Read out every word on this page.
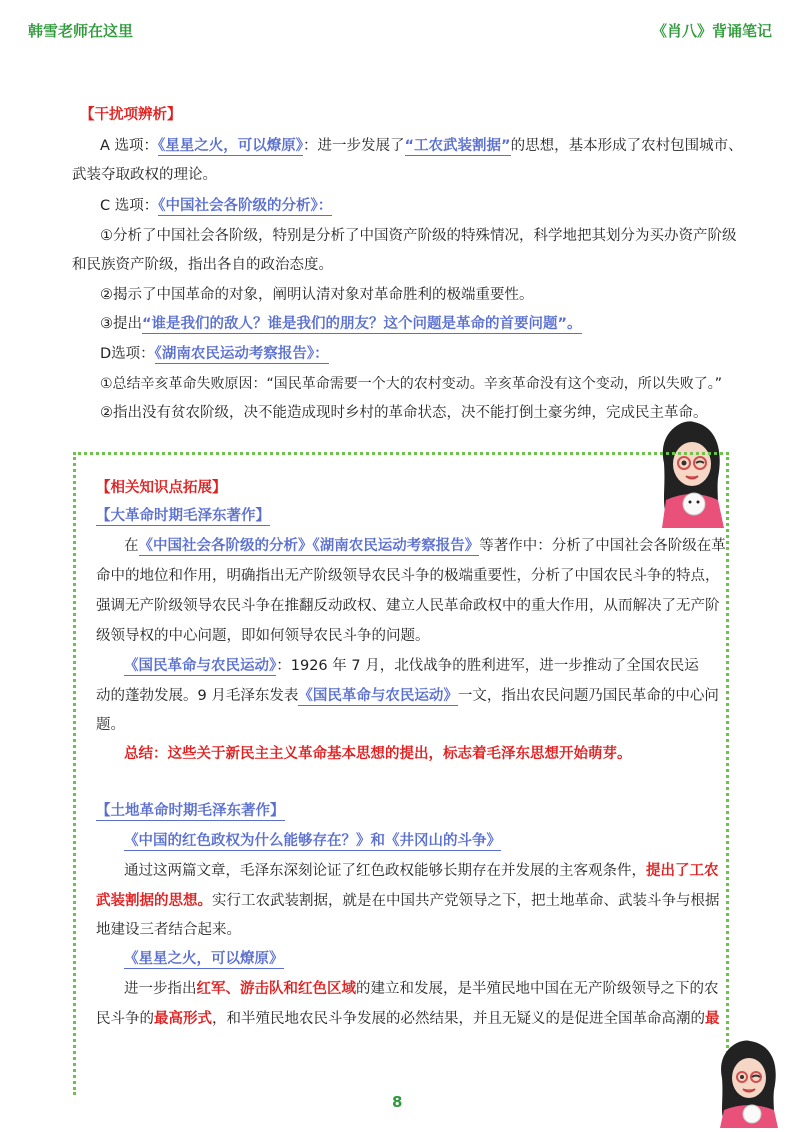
韩雪老师在这里	《肖八》背诵笔记
【干扰项辨析】
A 选项：《星星之火，可以燎原》：进一步发展了“工农武装割据”的思想，基本形成了农村包围城市、
武装夺取政权的理论。
C 选项：《中国社会各阶级的分析》：
①分析了中国社会各阶级，特别是分析了中国资产阶级的特殊情况，科学地把其划分为买办资产阶级
和民族资产阶级，指出各自的政治态度。
②揭示了中国革命的对象，阐明认清对象对革命胜利的极端重要性。
③提出“谁是我们的敌人？谁是我们的朋友？这个问题是革命的首要问题”。
D选项：《湖南农民运动考察报告》：
①总结辛亥革命失败原因：“国民革命需要一个大的农村变动。辛亥革命没有这个变动，所以失败了。”
②指出没有贫农阶级，决不能造成现时乡村的革命状态，决不能打倒土豪劣绅，完成民主革命。
【相关知识点拓展】
【大革命时期毛泽东著作】
在《中国社会各阶级的分析》《湖南农民运动考察报告》等著作中：分析了中国社会各阶级在革
命中的地位和作用，明确指出无产阶级领导农民斗争的极端重要性，分析了中国农民斗争的特点，
强调无产阶级领导农民斗争在推翻反动政权、建立人民革命政权中的重大作用，从而解决了无产阶
级领导权的中心问题，即如何领导农民斗争的问题。
《国民革命与农民运动》：1926 年 7 月，北伐战争的胜利进军，进一步推动了全国农民运
动的蓬勃发展。9 月毛泽东发表《国民革命与农民运动》一文，指出农民问题乃国民革命的中心问
题。
总结：这些关于新民主主义革命基本思想的提出，标志着毛泽东思想开始萌芽。
【土地革命时期毛泽东著作】
《中国的红色政权为什么能够存在？》和《井冈山的斗争》
通过这两篇文章，毛泽东深刻论证了红色政权能够长期存在并发展的主客观条件，提出了工农
武装割据的思想。实行工农武装割据，就是在中国共产党领导之下，把土地革命、武装斗争与根据
地建设三者结合起来。
《星星之火，可以燎原》
进一步指出红军、游击队和红色区域的建立和发展，是半殖民地中国在无产阶级领导之下的农
民斗争的最高形式，和半殖民地农民斗争发展的必然结果，并且无疑义的是促进全国革命高潮的最
8
